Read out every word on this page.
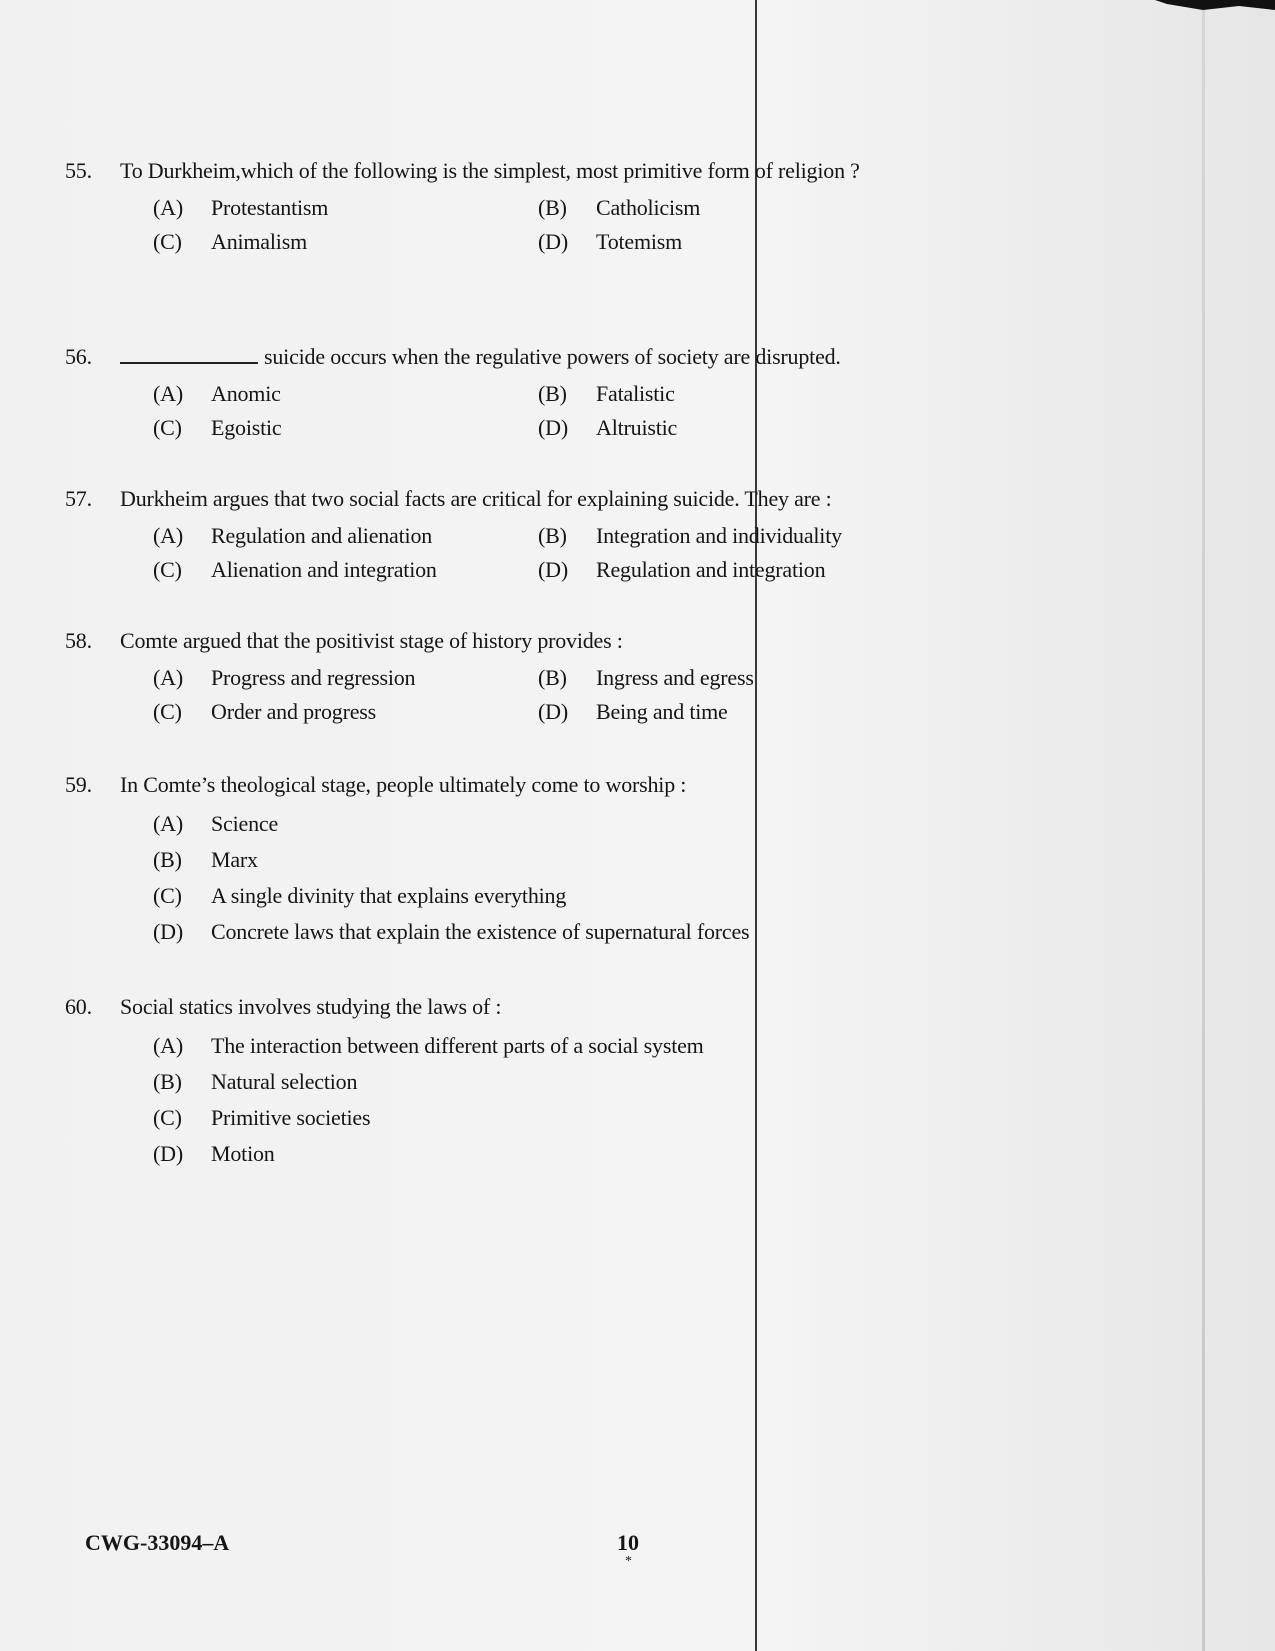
55.	To Durkheim,which of the following is the simplest, most primitive form of religion ?
(A)	Protestantism	(B)	Catholicism
(C)	Animalism	(D)	Totemism
56.	suicide occurs when the regulative powers of society are disrupted.
(A)	Anomic	(B)	Fatalistic
(C)	Egoistic	(D)	Altruistic
57.	Durkheim argues that two social facts are critical for explaining suicide. They are :
(A)	Regulation and alienation	(B)	Integration and individuality
(C)	Alienation and integration	(D)	Regulation and integration
58.	Comte argued that the positivist stage of history provides :
(A)	Progress and regression	(B)	Ingress and egress
(C)	Order and progress	(D)	Being and time
59.	In Comte’s theological stage, people ultimately come to worship :
(A)	Science
(B)	Marx
(C)	A single divinity that explains everything
(D)	Concrete laws that explain the existence of supernatural forces
60.	Social statics involves studying the laws of :
(A)	The interaction between different parts of a social system
(B)	Natural selection
(C)	Primitive societies
(D)	Motion
CWG-33094–A	10
*
